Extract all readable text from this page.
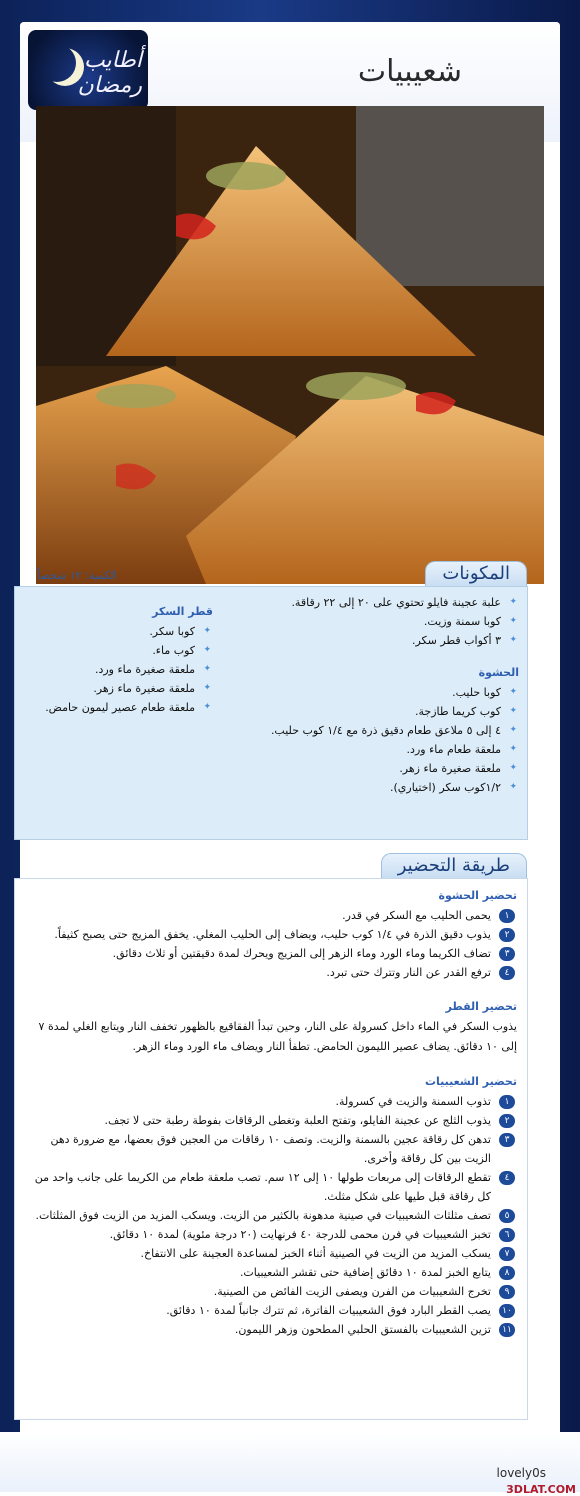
أطايب رمضان	شعيبيات
المكونات
الكمية: ١٢ شخصاً
✦ علبة عجينة فايلو تحتوي على ٢٠ إلى ٢٢ رقاقة.
✦ كوبا سمنة وزيت.
✦ ٣ أكواب قطر سكر.
الحشوة
✦ كوبا حليب.
✦ كوب كريما طازجة.
✦ ٤ إلى ٥ ملاعق طعام دقيق ذرة مع ١/٤ كوب حليب.
✦ ملعقة طعام ماء ورد.
✦ ملعقة صغيرة ماء زهر.
✦ ١/٢كوب سكر (اختياري).
قطر السكر
✦ كوبا سكر.
✦ كوب ماء.
✦ ملعقة صغيرة ماء ورد.
✦ ملعقة صغيرة ماء زهر.
✦ ملعقة طعام عصير ليمون حامض.
طريقة التحضير
تحضير الحشوة
١
يحمى الحليب مع السكر في قدر.
٢
يذوب دقيق الذرة في ١/٤ كوب حليب، ويضاف إلى الحليب المغلي. يخفق المزيج حتى يصبح كثيفاً.
٣
تضاف الكريما وماء الورد وماء الزهر إلى المزيج ويحرك لمدة دقيقتين أو ثلاث دقائق.
٤
ترفع القدر عن النار وتترك حتى تبرد.
تحضير القطر
يذوب السكر في الماء داخل كسرولة على النار، وحين تبدأ الفقاقيع بالظهور تخفف النار ويتابع الغلي لمدة ٧ إلى ١٠ دقائق. يضاف عصير الليمون الحامض. تطفأ النار ويضاف ماء الورد وماء الزهر.
تحضير الشعيبيات
١
تذوب السمنة والزيت في كسرولة.
٢
يذوب الثلج عن عجينة الفايلو، وتفتح العلبة وتغطى الرقاقات بفوطة رطبة حتى لا تجف.
٣
تدهن كل رقاقة عجين بالسمنة والزيت. وتصف ١٠ رقاقات من العجين فوق بعضها، مع ضرورة دهن الزيت بين كل رقاقة وأخرى.
٤
تقطع الرقاقات إلى مربعات طولها ١٠ إلى ١٢ سم. تصب ملعقة طعام من الكريما على جانب واحد من كل رقاقة قبل طيها على شكل مثلث.
٥
تصف مثلثات الشعيبيات في صينية مدهونة بالكثير من الزيت. ويسكب المزيد من الزيت فوق المثلثات.
٦
تخبز الشعيبيات في فرن محمى للدرجة ٤٠ فرنهايت (٢٠ درجة مئوية) لمدة ١٠ دقائق.
٧
يسكب المزيد من الزيت في الصينية أثناء الخبز لمساعدة العجينة على الانتفاخ.
٨
يتابع الخبز لمدة ١٠ دقائق إضافية حتى تقشر الشعيبيات.
٩
تخرج الشعيبيات من الفرن ويصفى الزيت الفائض من الصينية.
١٠
يصب القطر البارد فوق الشعيبيات الفاترة، ثم تترك جانباً لمدة ١٠ دقائق.
١١
تزين الشعيبيات بالفستق الحلبي المطحون وزهر الليمون.
lovely0s
3DLAT.COM
